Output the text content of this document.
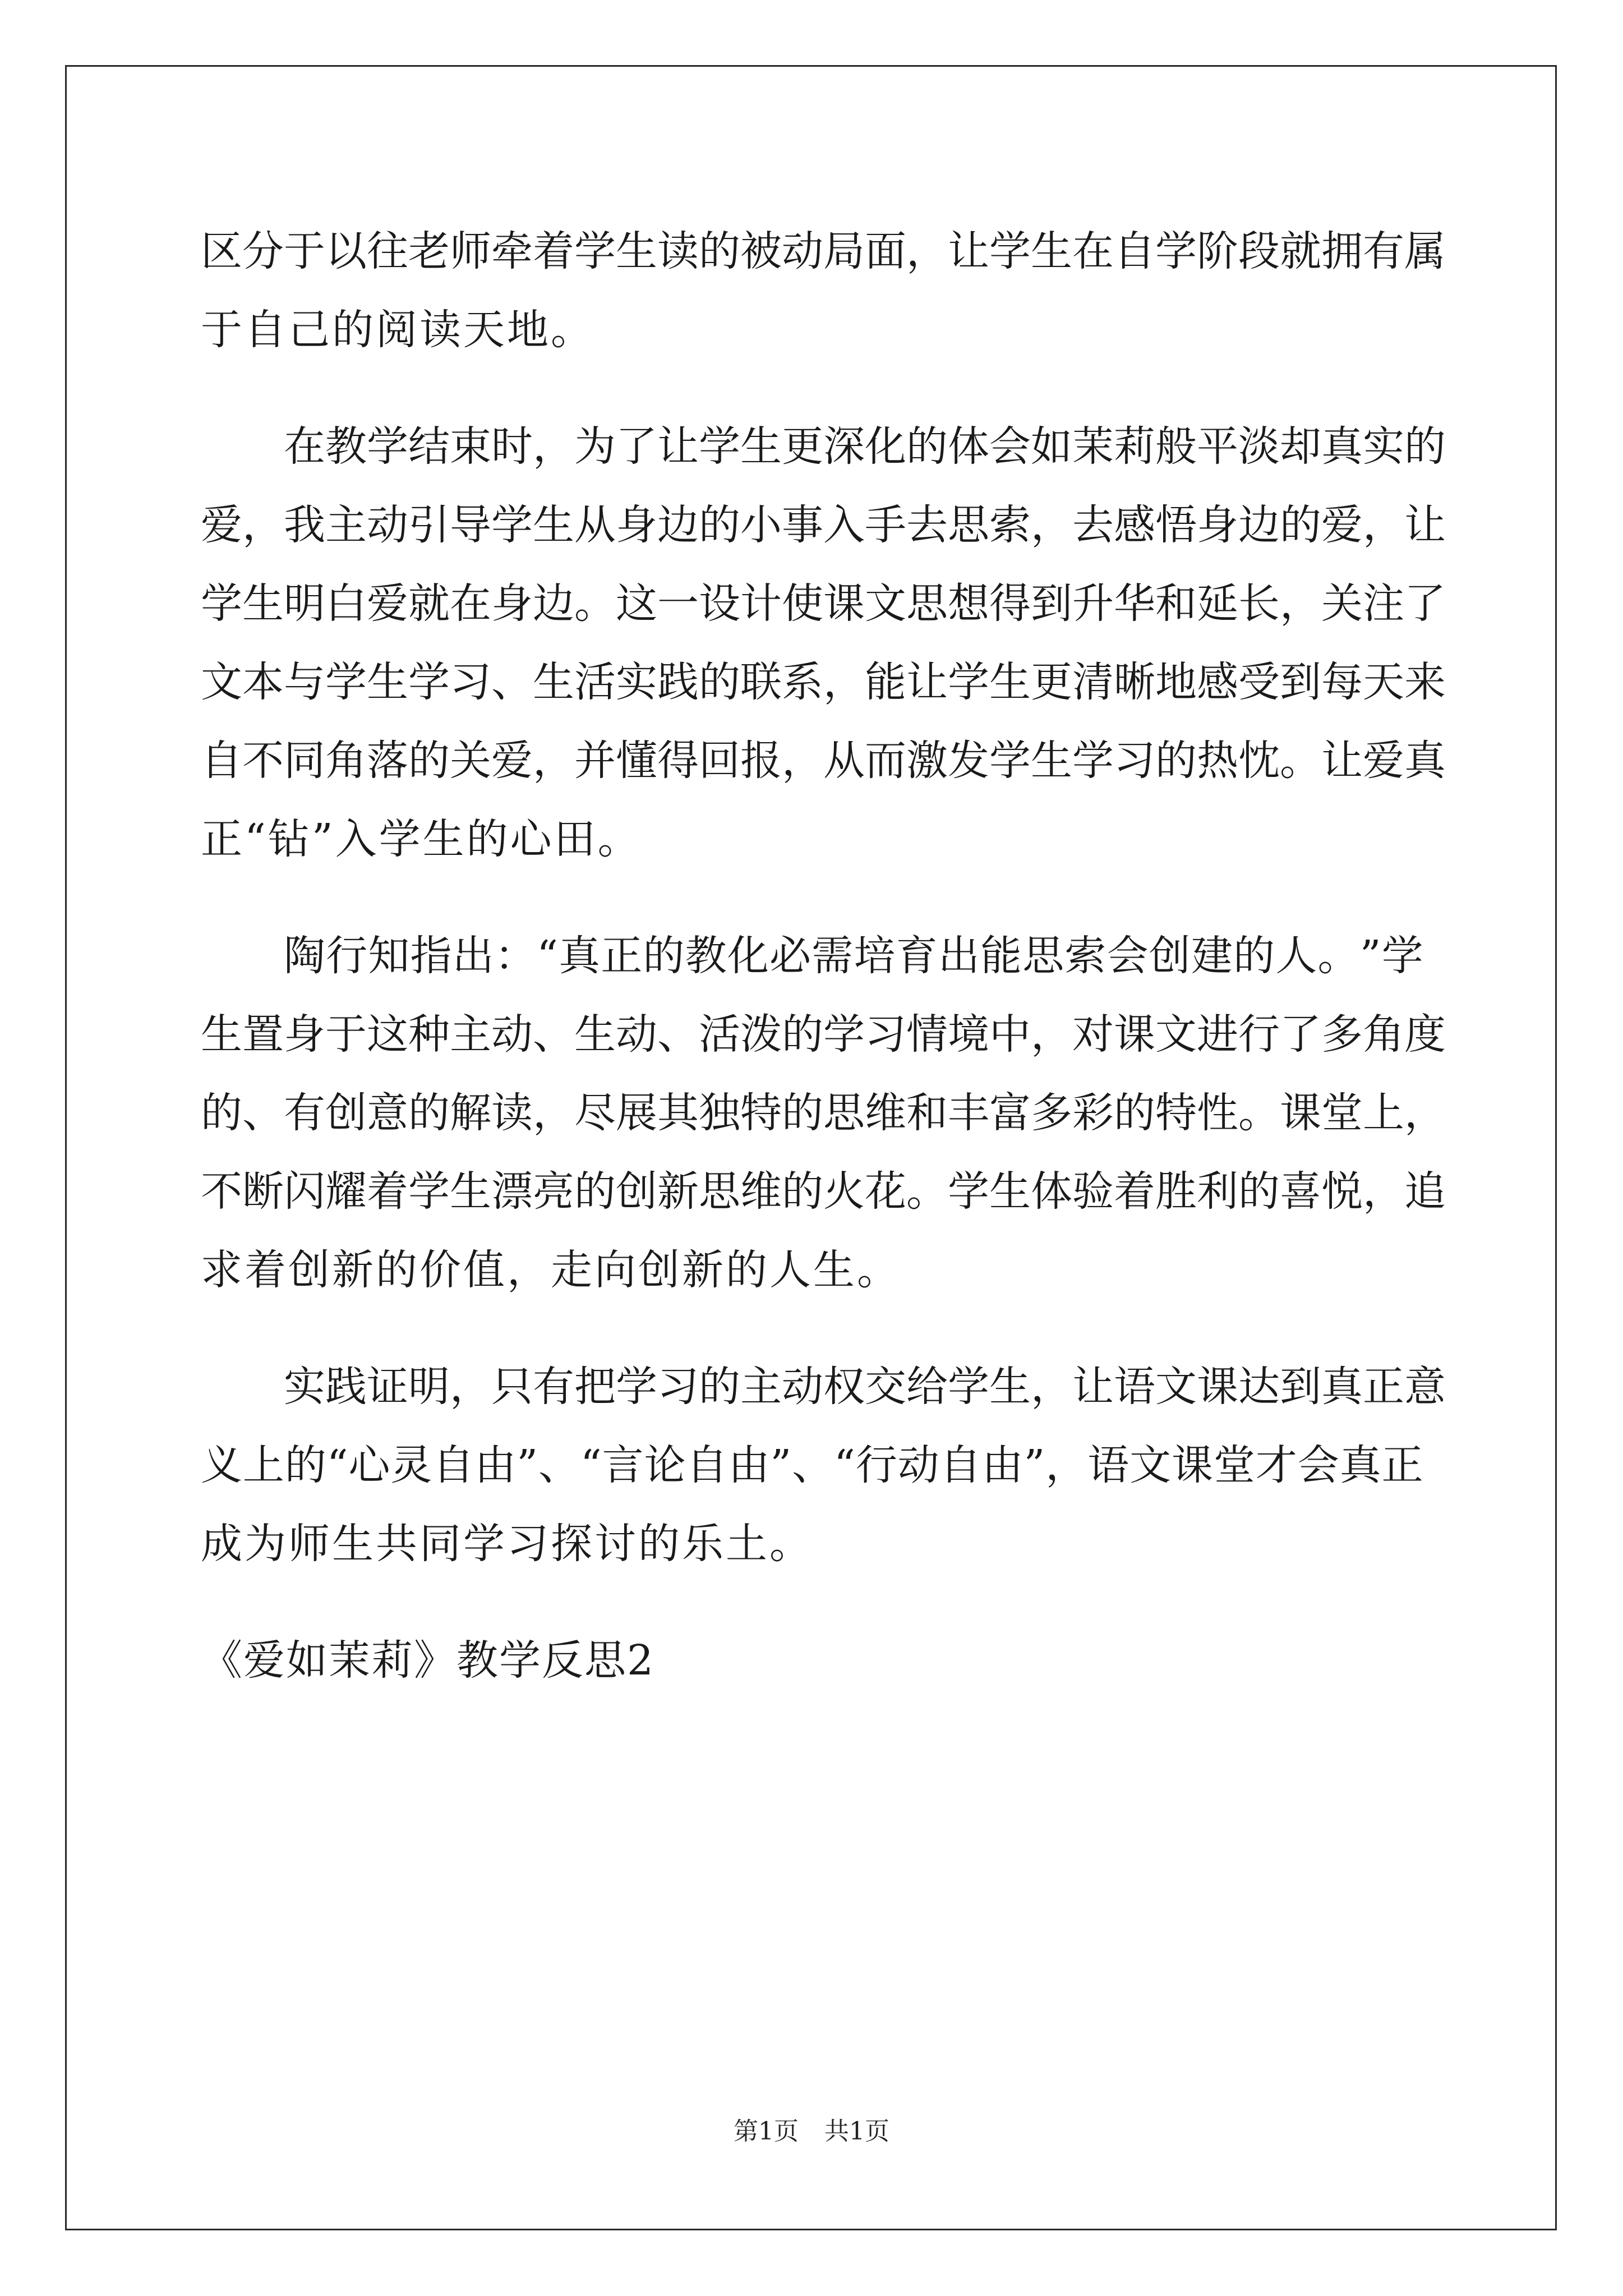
区 分 于 以 往 老 师 牵 着 学 生 读 的 被 动 局 面 ， 让 学 生 在 自 学 阶 段 就 拥 有 属
于自己的阅读天地。
在 教 学 结 束 时 ， 为 了 让 学 生 更 深 化 的 体 会 如 茉 莉 般 平 淡 却 真 实 的
爱 ， 我 主 动 引 导 学 生 从 身 边 的 小 事 入 手 去 思 索 ， 去 感 悟 身 边 的 爱 ， 让
学 生 明 白 爱 就 在 身 边 。 这 一 设 计 使 课 文 思 想 得 到 升 华 和 延 长 ， 关 注 了
文 本 与 学 生 学 习 、 生 活 实 践 的 联 系 ， 能 让 学 生 更 清 晰 地 感 受 到 每 天 来
自 不 同 角 落 的 关 爱 ， 并 懂 得 回 报 ， 从 而 激 发 学 生 学 习 的 热 忱 。 让 爱 真
正“钻”入学生的心田。
陶 行 知 指 出 ： “ 真 正 的 教 化 必 需 培 育 出 能 思 索 会 创 建 的 人 。 ” 学
生 置 身 于 这 种 主 动 、 生 动 、 活 泼 的 学 习 情 境 中 ， 对 课 文 进 行 了 多 角 度
的 、 有 创 意 的 解 读 ， 尽 展 其 独 特 的 思 维 和 丰 富 多 彩 的 特 性 。 课 堂 上 ，
不 断 闪 耀 着 学 生 漂 亮 的 创 新 思 维 的 火 花 。 学 生 体 验 着 胜 利 的 喜 悦 ， 追
求着创新的价值，走向创新的人生。
实 践 证 明 ， 只 有 把 学 习 的 主 动 权 交 给 学 生 ， 让 语 文 课 达 到 真 正 意
义 上 的 “ 心 灵 自 由 ” 、 “ 言 论 自 由 ” 、 “ 行 动 自 由 ” ， 语 文 课 堂 才 会 真 正
成为师生共同学习探讨的乐土。
《爱如茉莉》教学反思2
第1页 共1页
